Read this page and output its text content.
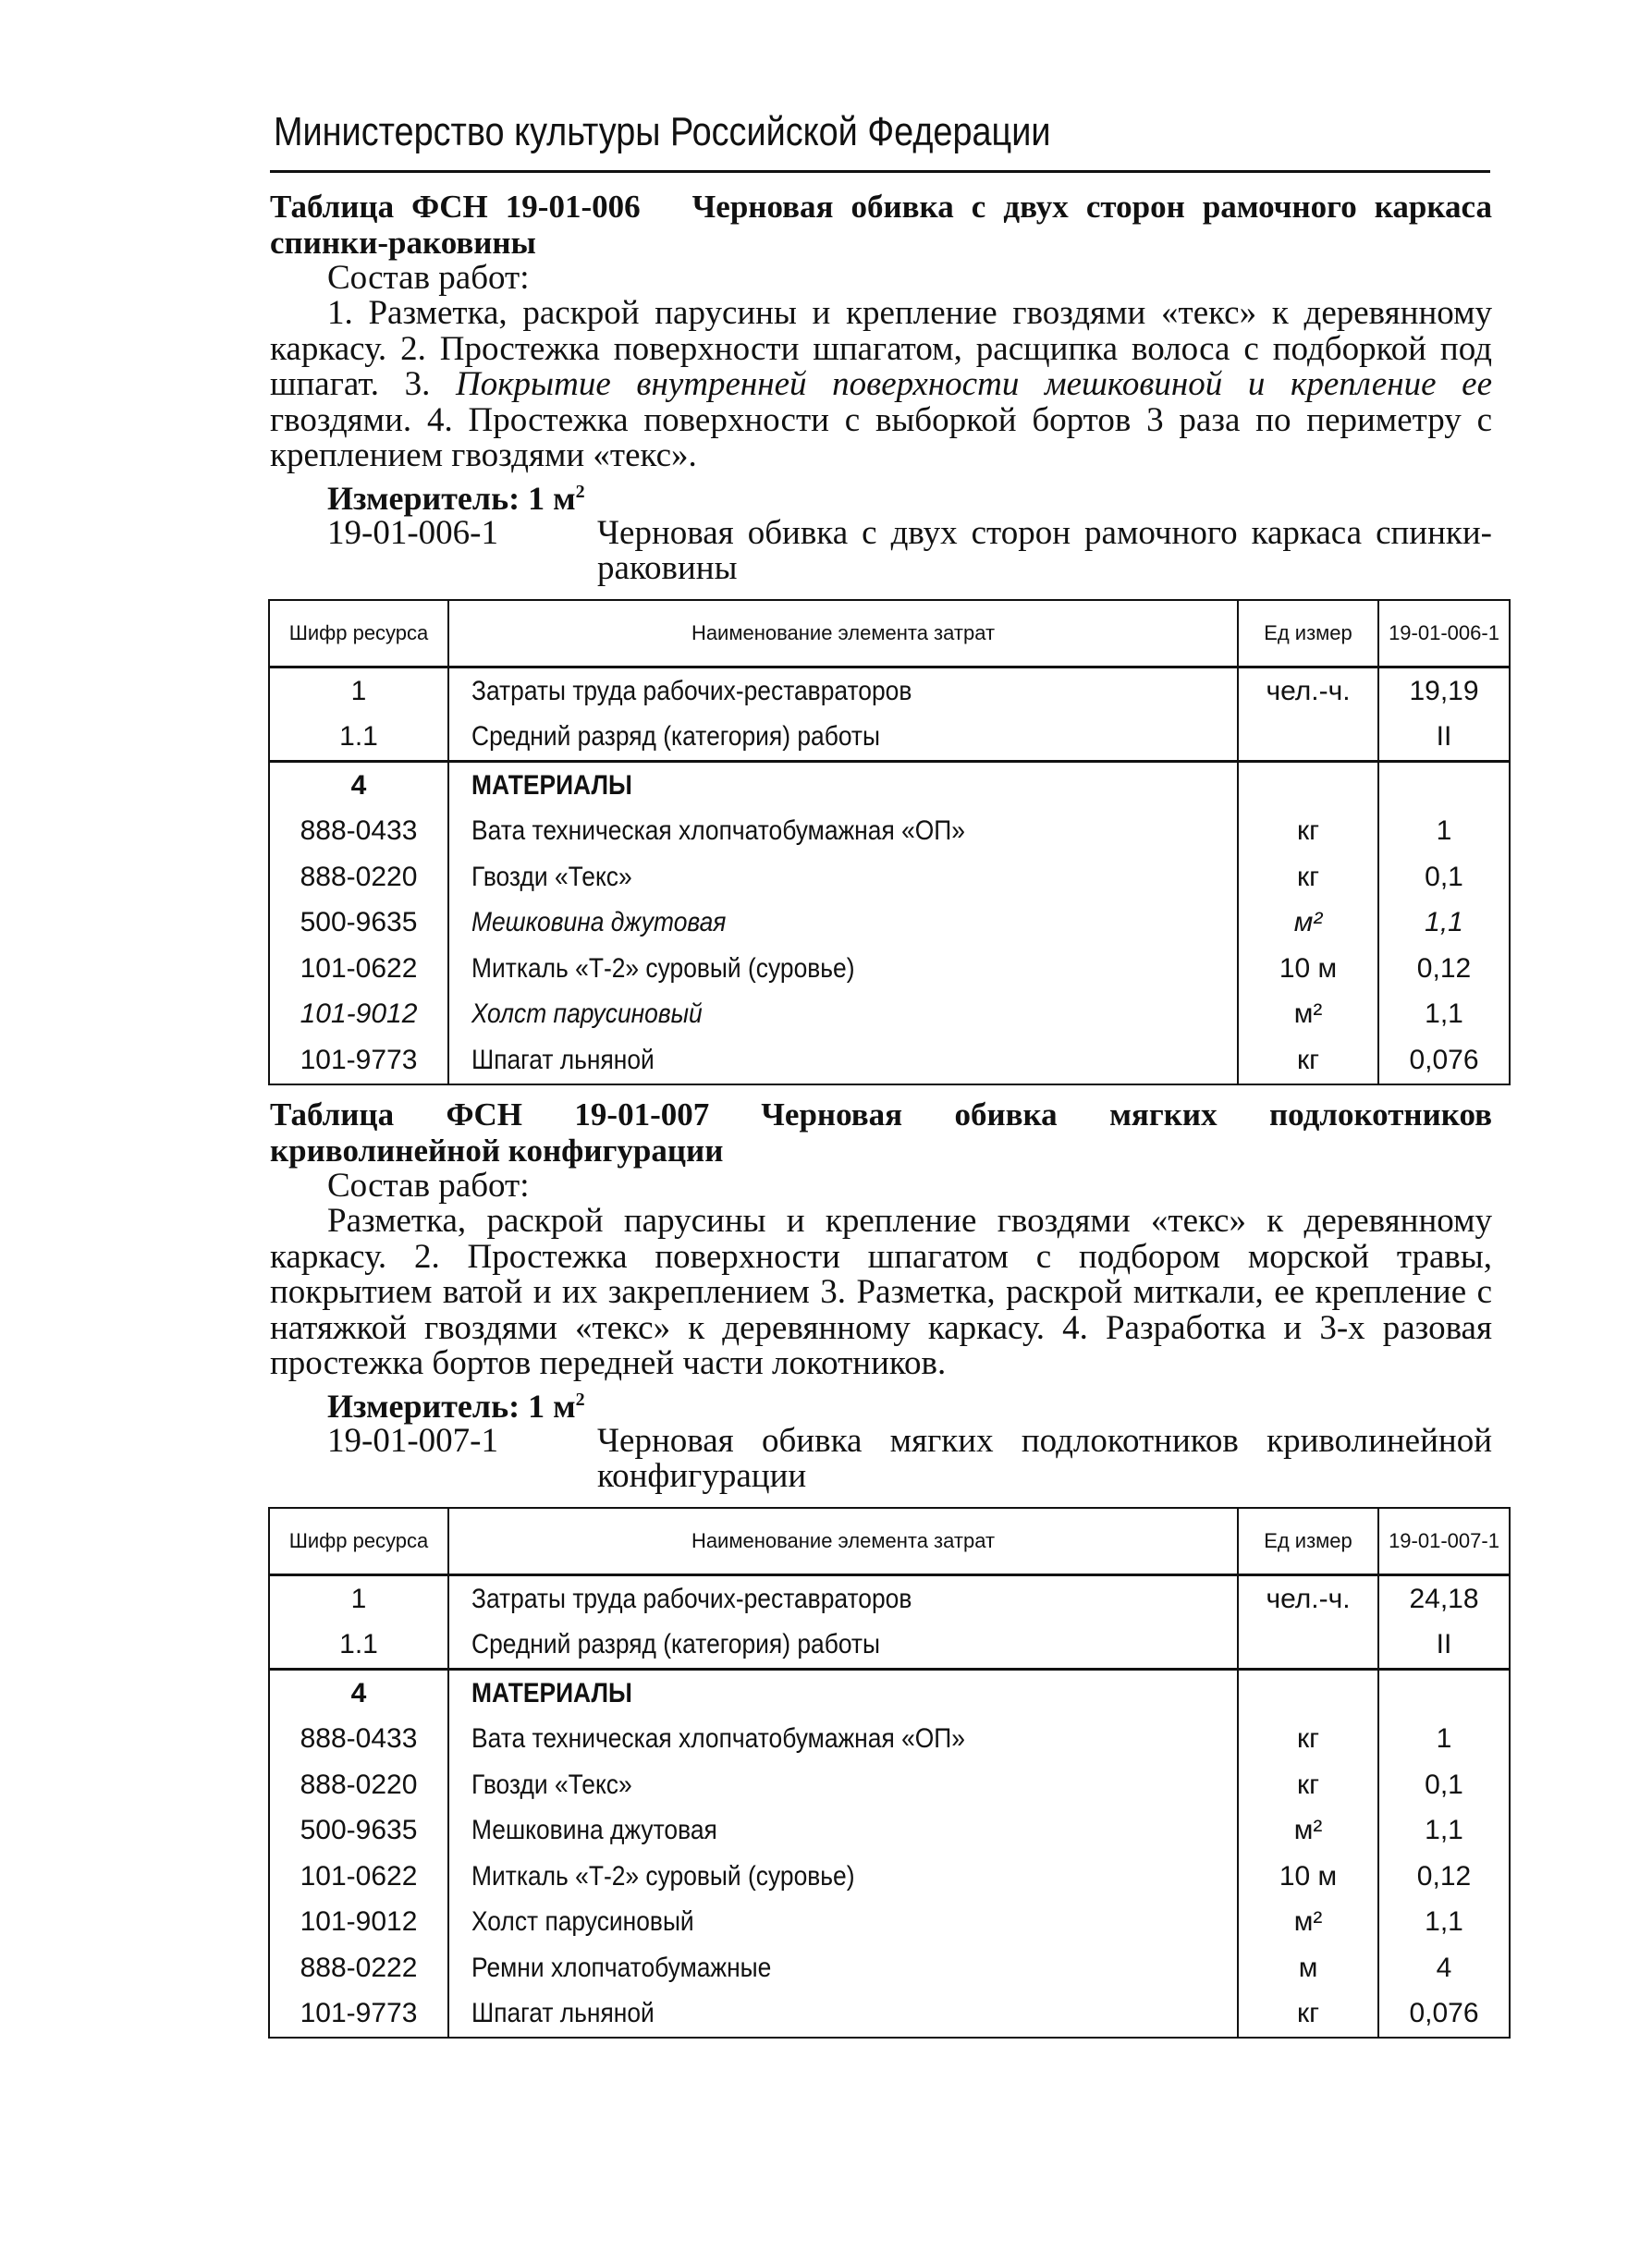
Министерство культуры Российской Федерации
Таблица ФСН 19-01-006 Черновая обивка с двух сторон рамочного каркаса спинки-раковины
Состав работ:
1. Разметка, раскрой парусины и крепление гвоздями «текс» к деревянному каркасу. 2. Простежка поверхности шпагатом, расщипка волоса с подборкой под шпагат. 3. Покрытие внутренней поверхности мешковиной и крепление ее гвоздями. 4. Простежка поверхности с выборкой бортов 3 раза по периметру с креплением гвоздями «текс».
Измеритель: 1 $м^2$
19-01-006-1	Черновая обивка с двух сторон рамочного каркаса спинки-раковины
Шифр ресурса	Наименование элемента затрат	Ед измер	19-01-006-1
1	Затраты труда рабочих-реставраторов	чел.-ч.	19,19
1.1	Средний разряд (категория) работы		II
4	МАТЕРИАЛЫ		
888-0433	Вата техническая хлопчатобумажная «ОП»	кг	1
888-0220	Гвозди «Текс»	кг	0,1
500-9635	Мешковина джутовая	м²	1,1
101-0622	Миткаль «Т-2» суровый (суровье)	10 м	0,12
101-9012	Холст парусиновый	м²	1,1
101-9773	Шпагат льняной	кг	0,076
Таблица ФСН 19-01-007 Черновая обивка мягких подлокотников криволинейной конфигурации
Состав работ:
Разметка, раскрой парусины и крепление гвоздями «текс» к деревянному каркасу. 2. Простежка поверхности шпагатом с подбором морской травы, покрытием ватой и их закреплением 3. Разметка, раскрой миткали, ее крепление с натяжкой гвоздями «текс» к деревянному каркасу. 4. Разработка и 3-х разовая простежка бортов передней части локотников.
Измеритель: 1 $м^2$
19-01-007-1	Черновая обивка мягких подлокотников криволинейной конфигурации
Шифр ресурса	Наименование элемента затрат	Ед измер	19-01-007-1
1	Затраты труда рабочих-реставраторов	чел.-ч.	24,18
1.1	Средний разряд (категория) работы		II
4	МАТЕРИАЛЫ		
888-0433	Вата техническая хлопчатобумажная «ОП»	кг	1
888-0220	Гвозди «Текс»	кг	0,1
500-9635	Мешковина джутовая	м²	1,1
101-0622	Миткаль «Т-2» суровый (суровье)	10 м	0,12
101-9012	Холст парусиновый	м²	1,1
888-0222	Ремни хлопчатобумажные	м	4
101-9773	Шпагат льняной	кг	0,076
